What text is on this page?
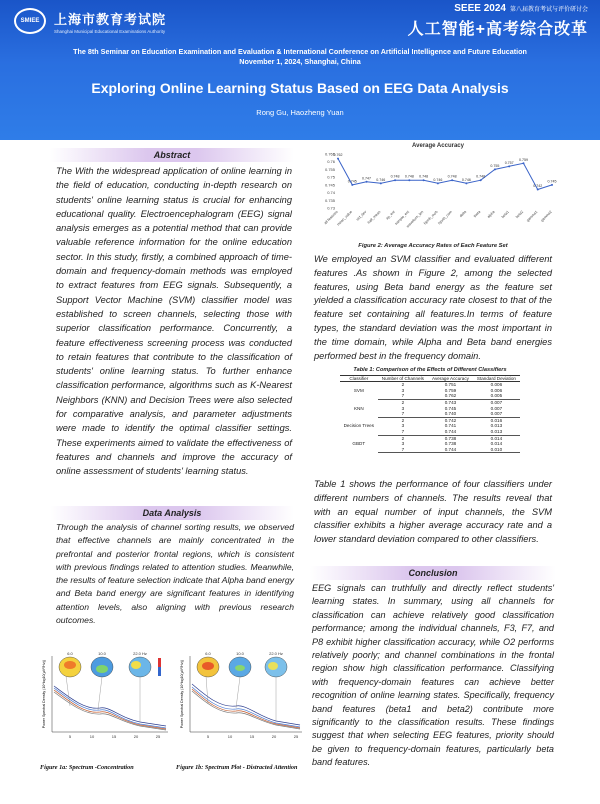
SMIEE	上海市教育考试院
Shanghai Municipal Educational Examinations Authority
SEEE 2024 第八届教育考试与评价研讨会
人工智能+高考综合改革
The 8th Seminar on Education Examination and Evaluation & International Conference on Artificial Intelligence and Future Education
November 1, 2024, Shanghai, China
Exploring Online Learning Status Based on EEG Data Analysis
Rong Gu, Haozheng Yuan
Abstract

The With the widespread application of online learning in the field of education, conducting in-depth research on students' online learning status is crucial for enhancing educational quality. Electroencephalogram (EEG) signal analysis emerges as a potential method that can provide valuable reference information for the online education sector. In this study, firstly, a combined approach of time-domain and frequency-domain methods was employed to extract features from EEG signals. Subsequently, a Support Vector Machine (SVM) classifier model was established to screen channels, selecting those with superior classification performance. Concurrently, a feature effectiveness screening process was conducted to retain features that contribute to the classification of students' online learning status. To further enhance classification performance, algorithms such as K-Nearest Neighbors (KNN) and Decision Trees were also selected for comparative analysis, and parameter adjustments were made to identify the optimal classifier settings. These experiments aimed to validate the effectiveness of features and channels and improve the accuracy of online assessment of students' learning status.

Data Analysis

Through the analysis of channel sorting results, we observed that effective channels are mainly concentrated in the prefrontal and posterior frontal regions, which is consistent with previous findings related to attention studies. Meanwhile, the results of feature selection indicate that Alpha band energy and Beta band energy are significant features in identifying attention levels, also aligning with previous research outcomes.

Power Spectral Density (10*log10(µV²/Hz))
6.0	10.0	22.0 Hz
5	10	15	20	25
Figure 1a: Spectrum -Concentration
Power Spectral Density (10*log10(µV²/Hz))
6.0	10.0	22.0 Hz
5	10	15	20	25
Figure 1b: Spectrum Plot - Distracted Attention
Average Accuracy
0.765
0.76
0.755
0.75
0.745
0.74
0.735
0.73
0.762
0.745
0.747 0.746
0.748 0.748 0.748
0.746
0.748
0.746
0.748
0.755
0.757
0.759
0.742
0.745
all features
mean_value std_dev half_mean ap_ent
sample_ent
waveform_len
hjorth_mob
hjorth_com delta theta alpha beta1 beta2 gamma1 gamma2
Figure 2: Average Accuracy Rates of Each Feature Set

We employed an SVM classifier and evaluated different features .As shown in Figure 2, among the selected features, using Beta band energy as the feature set yielded a classification accuracy rate closest to that of the feature set containing all features.In terms of feature types, the standard deviation was the most important in the time domain, while Alpha and Beta band energies performed best in the frequency domain.

Table 1: Comparison of the Effects of Different Classifiers
Classifier	Number of Channels	Average Accuracy	Standard Deviation
SVM	2	0.751	0.006
	3	0.759	0.006
	7	0.762	0.005
KNN	2	0.743	0.007
	3	0.745	0.007
	7	0.740	0.007
Decision Trees	2	0.742	0.016
	3	0.741	0.013
	7	0.744	0.013
GBDT	2	0.738	0.014
	3	0.738	0.014
	7	0.744	0.010

Table 1 shows the performance of four classifiers under different numbers of channels. The results reveal that with an equal number of input channels, the SVM classifier exhibits a higher average accuracy rate and a lower standard deviation compared to other classifiers.

Conclusion

EEG signals can truthfully and directly reflect students' learning states. In summary, using all channels for classification can achieve relatively good classification performance; among the individual channels, F3, F7, and P8 exhibit higher classification accuracy, while O2 performs relatively poorly; and channel combinations in the frontal region show high classification performance. Classifying with frequency-domain features can achieve better recognition of online learning states. Specifically, frequency band features (beta1 and beta2) contribute more significantly to the classification results. These findings suggest that when selecting EEG features, priority should be given to frequency-domain features, particularly beta band features.
